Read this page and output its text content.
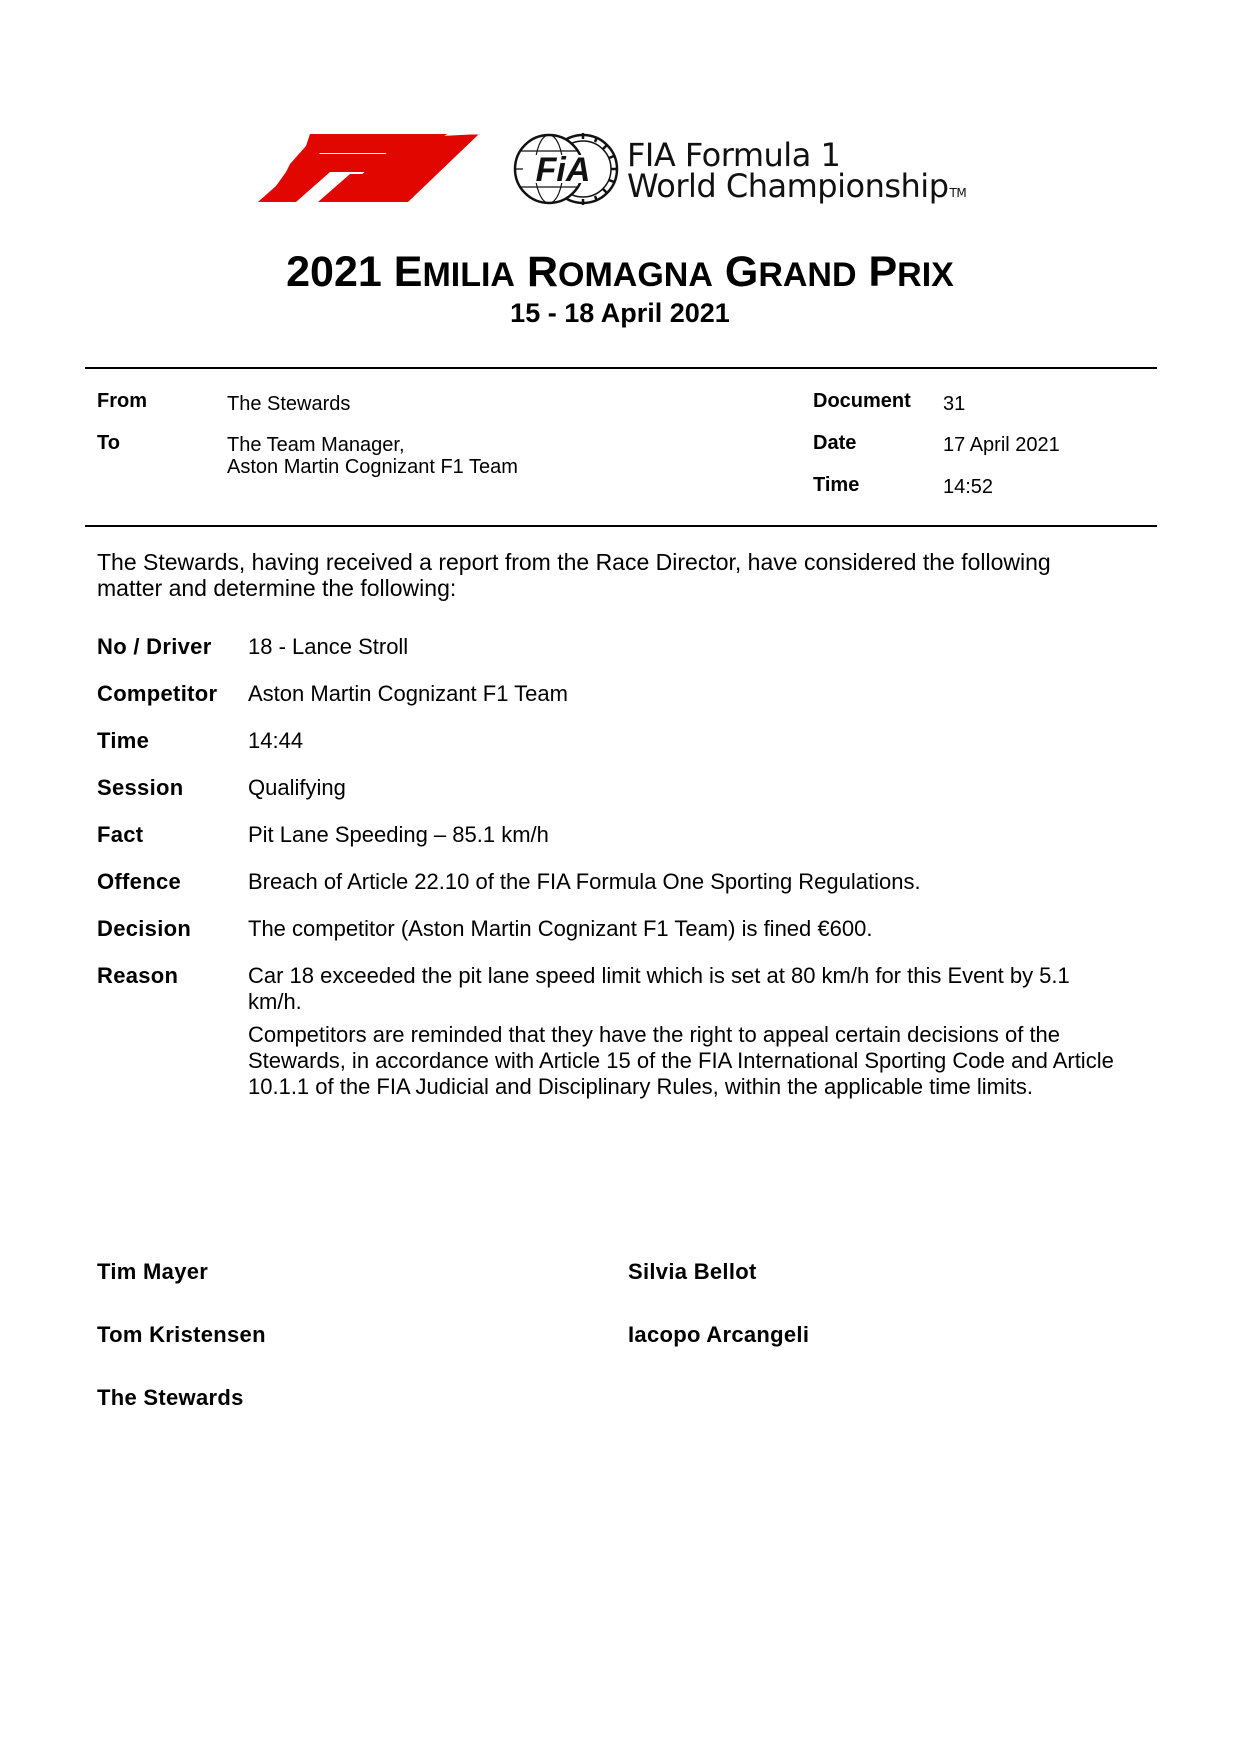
FiA FIA Formula 1
World ChampionshipTM
2021 EMILIA ROMAGNA GRAND PRIX
15 - 18 April 2021
From	The Stewards
To	The Team Manager,
Aston Martin Cognizant F1 Team
Document 31
Date	17 April 2021
Time	14:52
The Stewards, having received a report from the Race Director, have considered the following matter and determine the following:
No / Driver 18 - Lance Stroll
Competitor Aston Martin Cognizant F1 Team
Time	14:44
Session	Qualifying
Fact	Pit Lane Speeding – 85.1 km/h
Offence	Breach of Article 22.10 of the FIA Formula One Sporting Regulations.
Decision	The competitor (Aston Martin Cognizant F1 Team) is fined €600.
Reason	Car 18 exceeded the pit lane speed limit which is set at 80 km/h for this Event by 5.1 km/h.
Competitors are reminded that they have the right to appeal certain decisions of the Stewards, in accordance with Article 15 of the FIA International Sporting Code and Article 10.1.1 of the FIA Judicial and Disciplinary Rules, within the applicable time limits.
Tim Mayer
Tom Kristensen
The Stewards
Silvia Bellot
Iacopo Arcangeli
